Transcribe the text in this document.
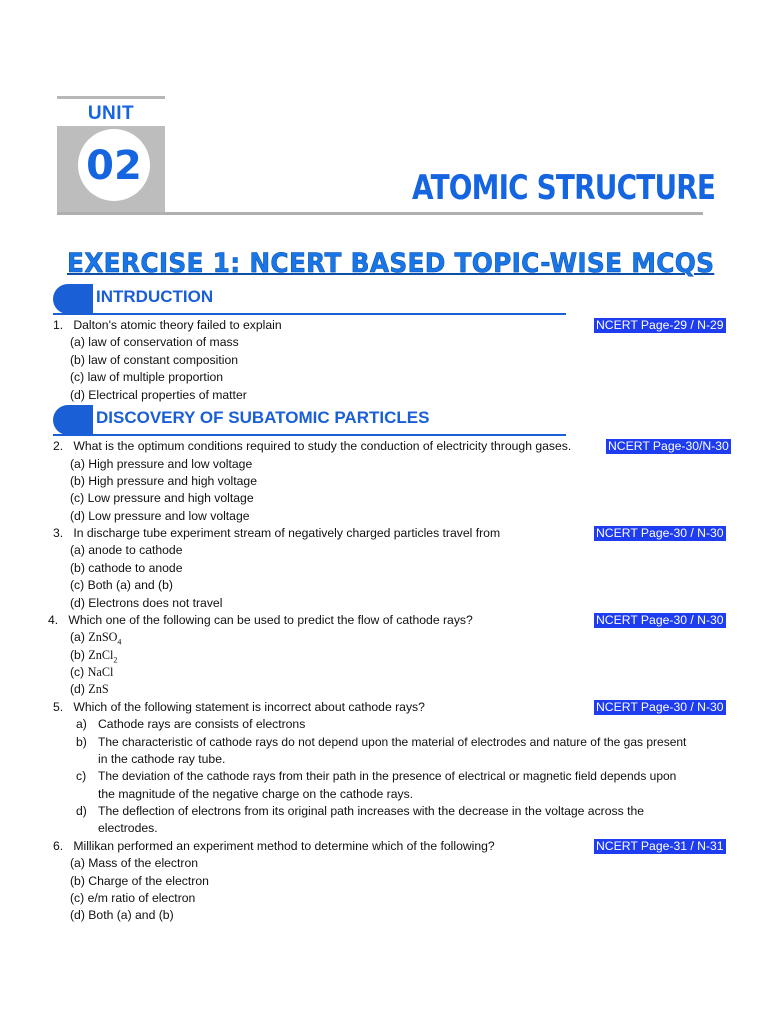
UNIT
02	ATOMIC STRUCTURE
EXERCISE 1: NCERT BASED TOPIC-WISE MCQS
INTRDUCTION
1. Dalton's atomic theory failed to explain	NCERT Page-29 / N-29
(a) law of conservation of mass
(b) law of constant composition
(c) law of multiple proportion
(d) Electrical properties of matter
DISCOVERY OF SUBATOMIC PARTICLES
2. What is the optimum conditions required to study the conduction of electricity through gases.	NCERT Page-30/N-30
(a) High pressure and low voltage
(b) High pressure and high voltage
(c) Low pressure and high voltage
(d) Low pressure and low voltage
3. In discharge tube experiment stream of negatively charged particles travel from	NCERT Page-30 / N-30
(a) anode to cathode
(b) cathode to anode
(c) Both (a) and (b)
(d) Electrons does not travel
4. Which one of the following can be used to predict the flow of cathode rays?	NCERT Page-30 / N-30
(a) ZnSO$_4$
(b) ZnCl$_2$
(c) NaCl
(d) ZnS
5. Which of the following statement is incorrect about cathode rays?	NCERT Page-30 / N-30
a) Cathode rays are consists of electrons
b) The characteristic of cathode rays do not depend upon the material of electrodes and nature of the gas present
in the cathode ray tube.
c) The deviation of the cathode rays from their path in the presence of electrical or magnetic field depends upon
the magnitude of the negative charge on the cathode rays.
d) The deflection of electrons from its original path increases with the decrease in the voltage across the
electrodes.
6. Millikan performed an experiment method to determine which of the following?	NCERT Page-31 / N-31
(a) Mass of the electron
(b) Charge of the electron
(c) e/m ratio of electron
(d) Both (a) and (b)
